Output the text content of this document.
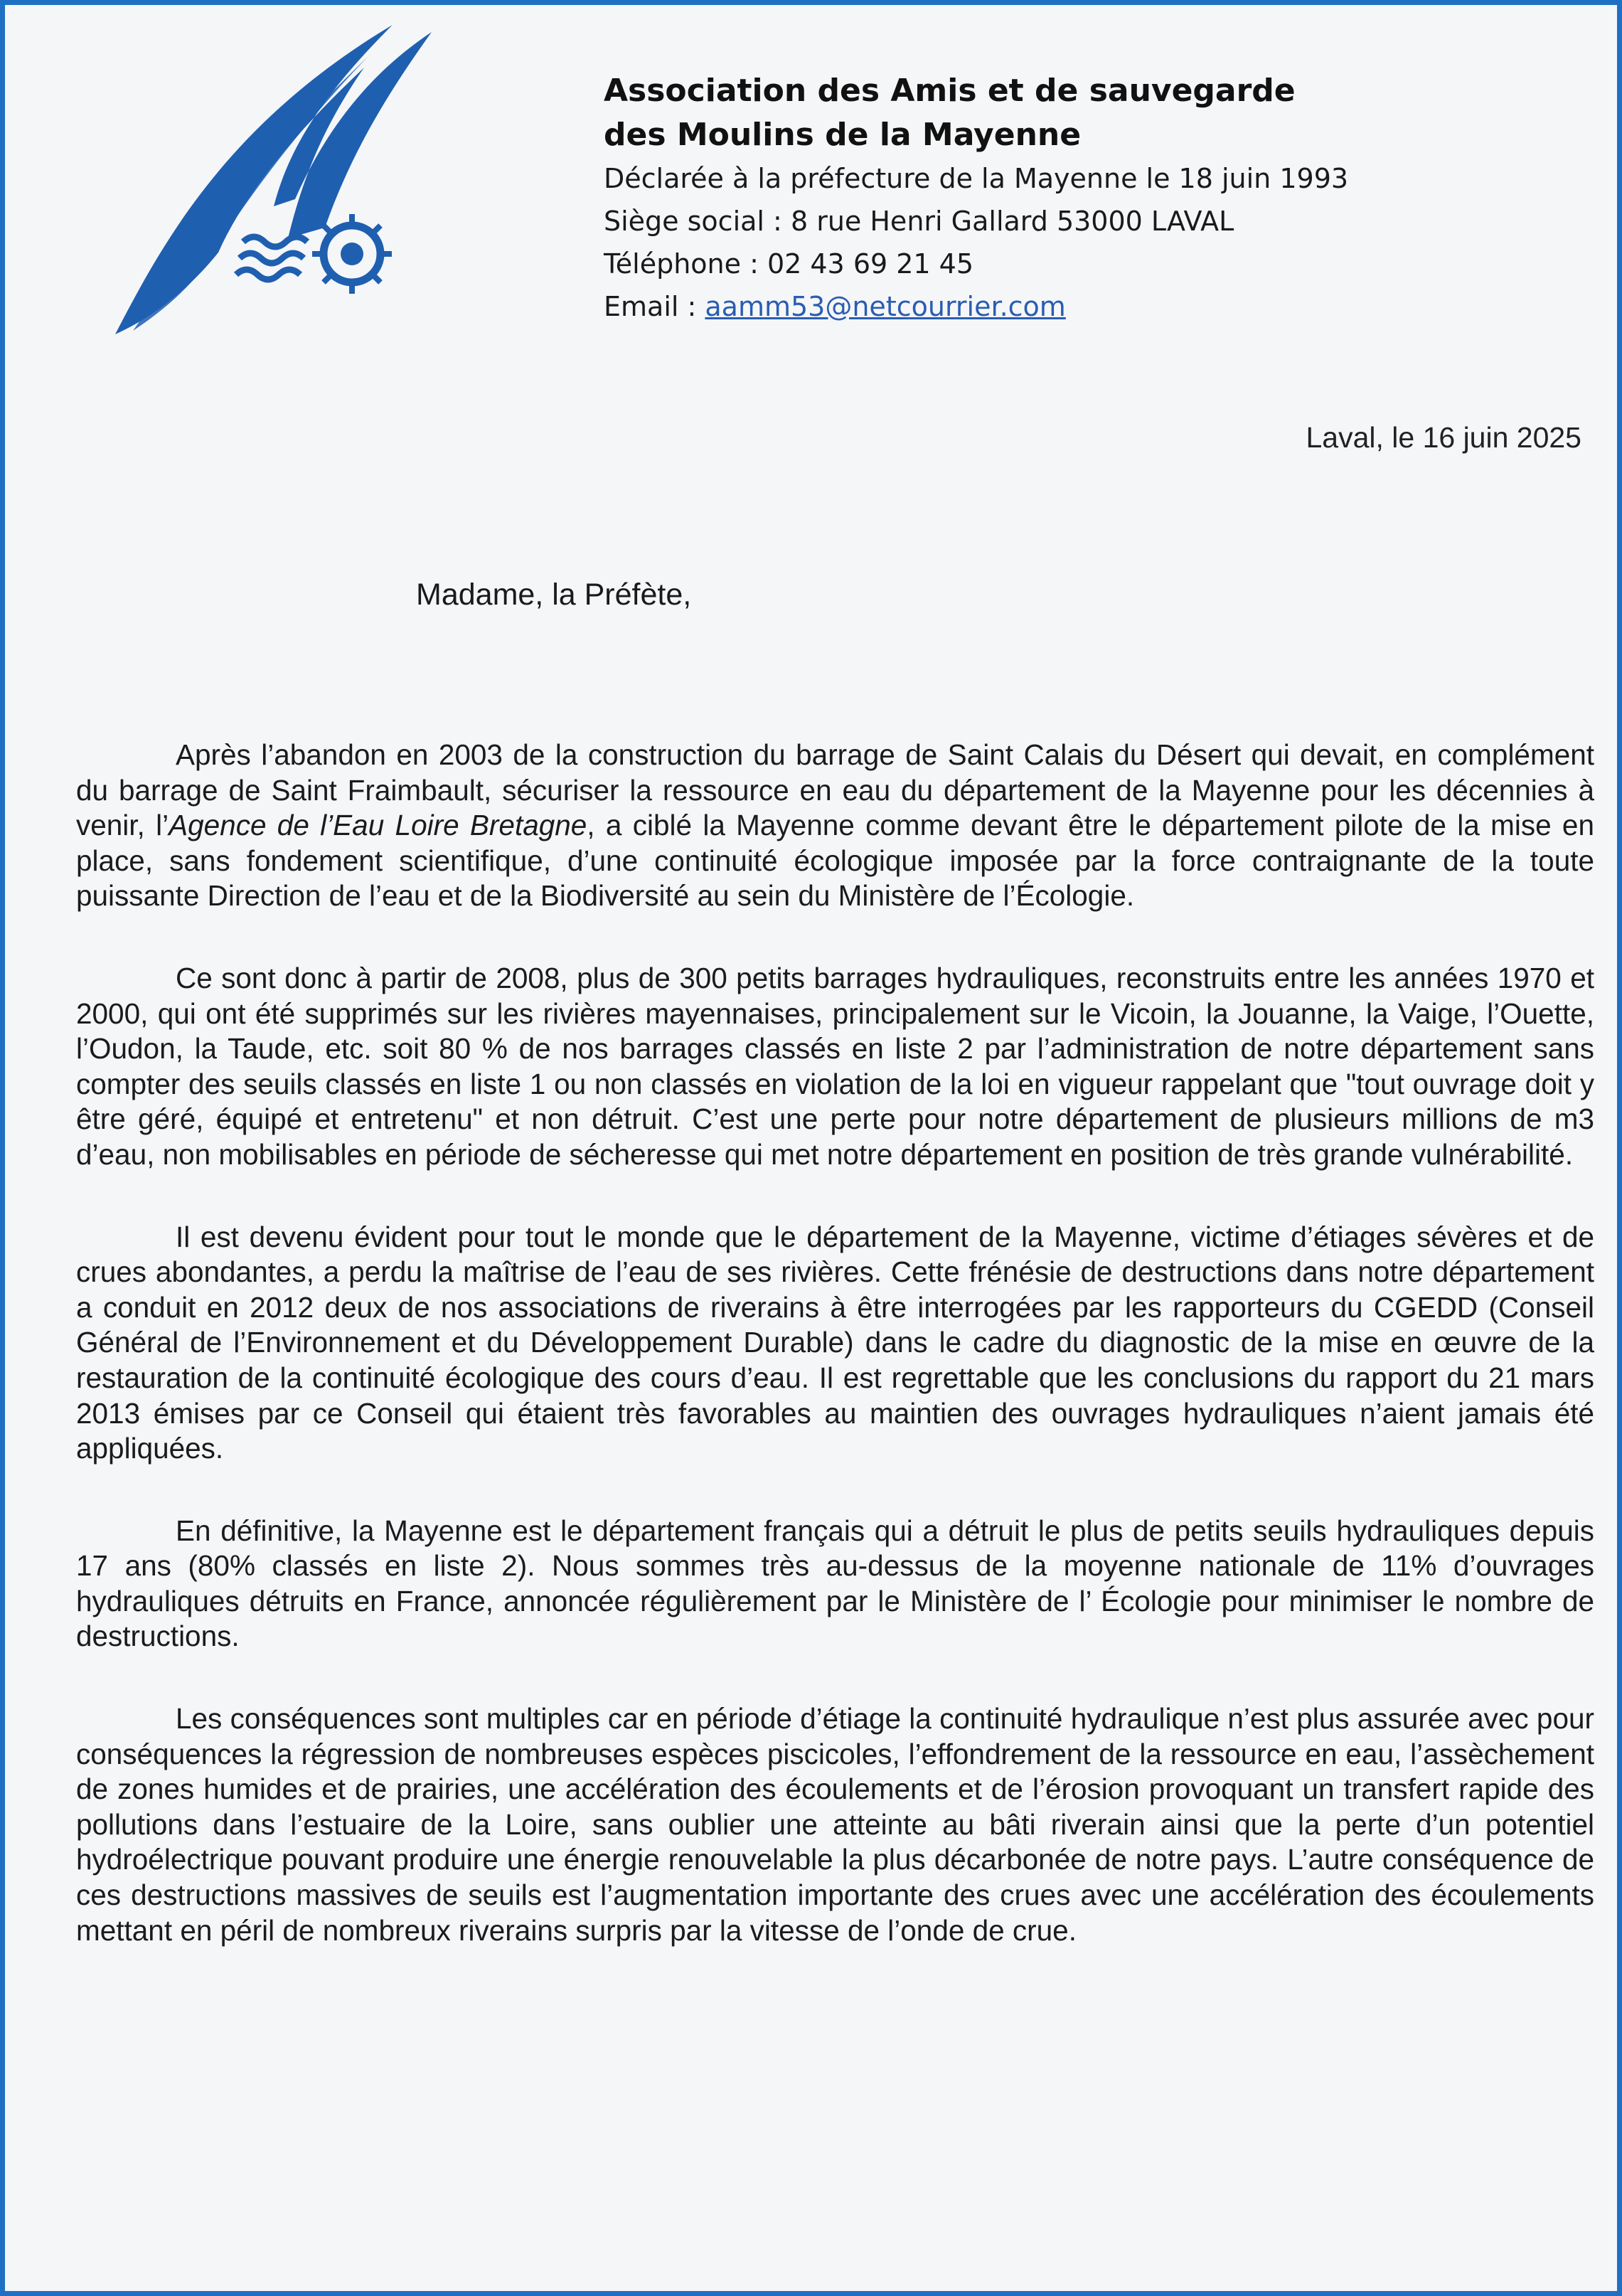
Association des Amis et de sauvegarde

des Moulins de la Mayenne

Déclarée à la préfecture de la Mayenne le 18 juin 1993

Siège social : 8 rue Henri Gallard 53000 LAVAL

Téléphone : 02 43 69 21 45

Email : aamm53@netcourrier.com

Laval, le 16 juin 2025
Madame, la Préfète,

Après l’abandon en 2003 de la construction du barrage de Saint Calais du Désert qui devait, en complément du barrage de Saint Fraimbault, sécuriser la ressource en eau du département de la Mayenne pour les décennies à venir, l’Agence de l’Eau Loire Bretagne, a ciblé la Mayenne comme devant être le département pilote de la mise en place, sans fondement scientifique, d’une continuité écologique imposée par la force contraignante de la toute puissante Direction de l’eau et de la Biodiversité au sein du Ministère de l’Écologie.

Ce sont donc à partir de 2008, plus de 300 petits barrages hydrauliques, reconstruits entre les années 1970 et 2000, qui ont été supprimés sur les rivières mayennaises, principalement sur le Vicoin, la Jouanne, la Vaige, l’Ouette, l’Oudon, la Taude, etc. soit 80 % de nos barrages classés en liste 2 par l’administration de notre département sans compter des seuils classés en liste 1 ou non classés en violation de la loi en vigueur rappelant que "tout ouvrage doit y être géré, équipé et entretenu" et non détruit. C’est une perte pour notre département de plusieurs millions de m3 d’eau, non mobilisables en période de sécheresse qui met notre département en position de très grande vulnérabilité.

Il est devenu évident pour tout le monde que le département de la Mayenne, victime d’étiages sévères et de crues abondantes, a perdu la maîtrise de l’eau de ses rivières. Cette frénésie de destructions dans notre département a conduit en 2012 deux de nos associations de riverains à être interrogées par les rapporteurs du CGEDD (Conseil Général de l’Environnement et du Développement Durable) dans le cadre du diagnostic de la mise en œuvre de la restauration de la continuité écologique des cours d’eau. Il est regrettable que les conclusions du rapport du 21 mars 2013 émises par ce Conseil qui étaient très favorables au maintien des ouvrages hydrauliques n’aient jamais été appliquées.

En définitive, la Mayenne est le département français qui a détruit le plus de petits seuils hydrauliques depuis 17 ans (80% classés en liste 2). Nous sommes très au-dessus de la moyenne nationale de 11% d’ouvrages hydrauliques détruits en France, annoncée régulièrement par le Ministère de l’ Écologie pour minimiser le nombre de destructions.

Les conséquences sont multiples car en période d’étiage la continuité hydraulique n’est plus assurée avec pour conséquences la régression de nombreuses espèces piscicoles, l’effondrement de la ressource en eau, l’assèchement de zones humides et de prairies, une accélération des écoulements et de l’érosion provoquant un transfert rapide des pollutions dans l’estuaire de la Loire, sans oublier une atteinte au bâti riverain ainsi que la perte d’un potentiel hydroélectrique pouvant produire une énergie renouvelable la plus décarbonée de notre pays. L’autre conséquence de ces destructions massives de seuils est l’augmentation importante des crues avec une accélération des écoulements mettant en péril de nombreux riverains surpris par la vitesse de l’onde de crue.
